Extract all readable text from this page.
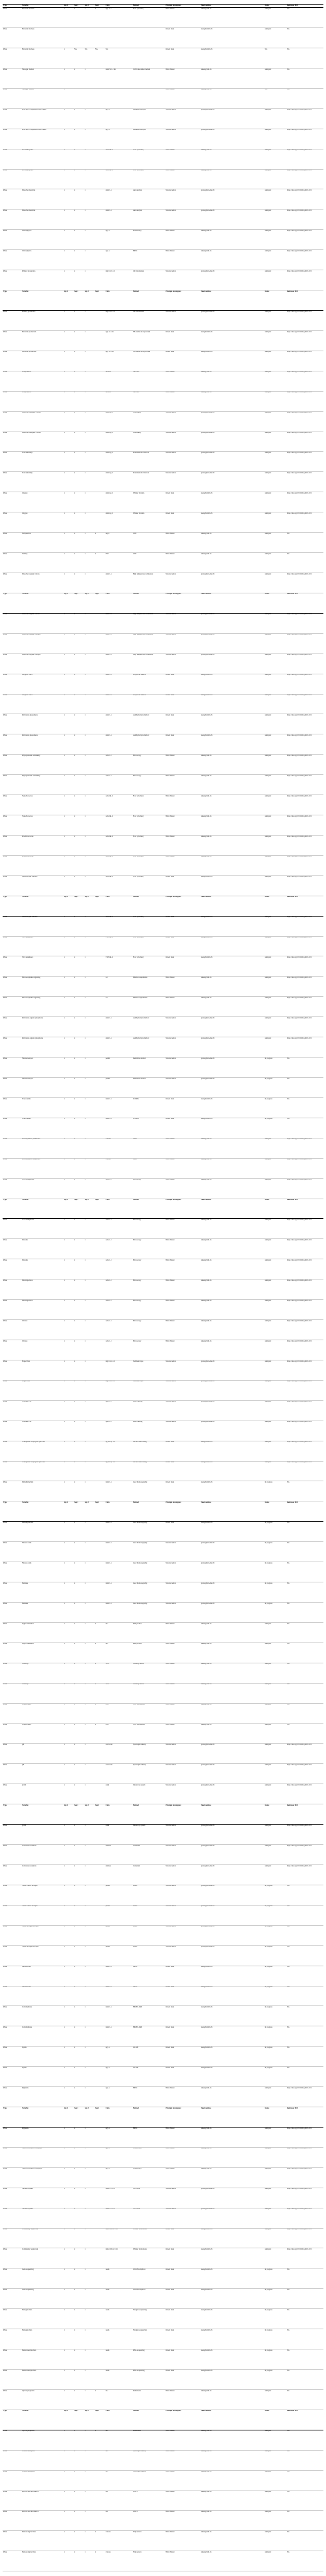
Type	Variable	Sep 1	Sep 2	Sep 3	Sep 4	Units	Method	Principal investigator	Email address	Status	Reference DOI
Phase	Bacterial biomass	x	x	x	x	ugC L-1	Flow cytometry	Britta Tanner	tanner@ethz.ch	Analyzed	NA
Phase	Bacterial biomass							Robert Kade	kade@fabilab.ch	Analyzed	NA
Phase	Bacterial biomass	x	NA	NA	NA	NA		Robert Kade	kade@fabilab.ch	NA	NA
Phase	Nitrogen fixation	x	x	x		nmol N L-1 d-1	15N2 dissolution method	Britta Tanner	tanner@ethz.ch	Analyzed	NA
Phase	Nitrogen fixation	x						Britta Tanner	tanner@ethz.ch	NA	NA
Phase	POC/PON composition and content	x	x	x		ug L-1	Elemental analysis	Nicolas Gruber	gruber@env.ethz.ch	Analyzed	https://doi.org/10.5194/bg-2021-101
Phase	POC/PON composition and content	x	x	x		ug L-1	Elemental analysis	Nicolas Gruber	gruber@env.ethz.ch	Analyzed	https://doi.org/10.5194/bg-2021-101
Phase	Pico-eukaryotes	x	x	x		cells mL-1	Flow cytometry	Britta Tanner	tanner@ethz.ch	Analyzed	https://doi.org/10.5194/bg-2021-101
Phase	Pico-eukaryotes	x	x	x		cells mL-1	Flow cytometry	Britta Tanner	tanner@ethz.ch	Analyzed	https://doi.org/10.5194/bg-2021-101
Phase	Dissolved nutrients	x	x	x		umol L-1	Autoanalyzer	Nicolas Gruber	gruber@env.ethz.ch	Analyzed	https://doi.org/10.5194/bg-2021-101
Phase	Dissolved nutrients	x	x	x		umol L-1	Autoanalyzer	Nicolas Gruber	gruber@env.ethz.ch	Analyzed	https://doi.org/10.5194/bg-2021-101
Phase	Chlorophyll a	x	x	x		ug L-1	Fluorometry	Britta Tanner	tanner@ethz.ch	Analyzed	https://doi.org/10.5194/bg-2021-101
Phase	Chlorophyll a	x	x	x		ug L-1	HPLC	Britta Tanner	tanner@ethz.ch	Analyzed	https://doi.org/10.5194/bg-2021-101
Phase	Primary production	x	x	x		mgC m-3 d-1	14C incubations	Nicolas Gruber	gruber@env.ethz.ch	Analyzed	https://doi.org/10.5194/bg-2021-101
Type	Variable	Sep 1	Sep 2	Sep 3	Sep 4	Units	Method	Principal investigator	Email address	Status	Reference DOI
Phase	Primary production	x	x	x		mgC m-3 d-1	14C incubations	Nicolas Gruber	gruber@env.ethz.ch	Analyzed	https://doi.org/10.5194/bg-2021-101
Phase	Bacterial production	x	x	x		ugC L-1 d-1	3H-leucine incorporation	Robert Kade	kade@fabilab.ch	Analyzed	https://doi.org/10.5194/bg-2021-101
Phase	Bacterial production	x	x	x		ugC L-1 d-1	3H-leucine incorporation	Robert Kade	kade@fabilab.ch	Analyzed	https://doi.org/10.5194/bg-2021-101
Phase	Zooplankton	x	x	x		ind m-3	Net tows	Britta Tanner	tanner@ethz.ch	Analyzed	https://doi.org/10.5194/bg-2021-101
Phase	Zooplankton	x	x	x		ind m-3	Net tows	Britta Tanner	tanner@ethz.ch	Analyzed	https://doi.org/10.5194/bg-2021-101
Phase	Dissolved inorganic carbon	x	x	x		umol kg-1	Coulometry	Nicolas Gruber	gruber@env.ethz.ch	Analyzed	https://doi.org/10.5194/bg-2021-101
Phase	Dissolved inorganic carbon	x	x	x		umol kg-1	Coulometry	Nicolas Gruber	gruber@env.ethz.ch	Analyzed	https://doi.org/10.5194/bg-2021-101
Phase	Total alkalinity	x	x	x		umol kg-1	Potentiometric titration	Nicolas Gruber	gruber@env.ethz.ch	Analyzed	https://doi.org/10.5194/bg-2021-101
Phase	Total alkalinity	x	x	x		umol kg-1	Potentiometric titration	Nicolas Gruber	gruber@env.ethz.ch	Analyzed	https://doi.org/10.5194/bg-2021-101
Phase	Oxygen	x	x	x		umol kg-1	Winkler titration	Robert Kade	kade@fabilab.ch	Analyzed	https://doi.org/10.5194/bg-2021-101
Phase	Oxygen	x	x	x		umol kg-1	Winkler titration	Robert Kade	kade@fabilab.ch	Analyzed	https://doi.org/10.5194/bg-2021-101
Phase	Temperature	x	x	x	x	deg C	CTD	Britta Tanner	tanner@ethz.ch	Analyzed	NA
Phase	Salinity	x	x	x	x	PSU	CTD	Britta Tanner	tanner@ethz.ch	Analyzed	NA
Phase	Dissolved organic carbon	x	x	x		umol L-1	High temperature combustion	Nicolas Gruber	gruber@env.ethz.ch	Analyzed	https://doi.org/10.5194/bg-2021-101
Type	Variable	Sep 1	Sep 2	Sep 3	Sep 4	Units	Method	Principal investigator	Email address	Status	Reference DOI
Phase	Dissolved organic carbon	x	x	x		umol L-1	High temperature combustion	Nicolas Gruber	gruber@env.ethz.ch	Analyzed	https://doi.org/10.5194/bg-2021-101
Phase	Dissolved organic nitrogen	x	x	x		umol L-1	High temperature combustion	Nicolas Gruber	gruber@env.ethz.ch	Analyzed	https://doi.org/10.5194/bg-2021-101
Phase	Dissolved organic nitrogen	x	x	x		umol L-1	High temperature combustion	Nicolas Gruber	gruber@env.ethz.ch	Analyzed	https://doi.org/10.5194/bg-2021-101
Phase	Biogenic silica	x	x	x		umol L-1	Molybdate method	Robert Kade	kade@fabilab.ch	Analyzed	https://doi.org/10.5194/bg-2021-101
Phase	Biogenic silica	x	x	x		umol L-1	Molybdate method	Robert Kade	kade@fabilab.ch	Analyzed	https://doi.org/10.5194/bg-2021-101
Phase	Particulate phosphorus	x	x	x		umol L-1	Ash-hydrolysis method	Robert Kade	kade@fabilab.ch	Analyzed	https://doi.org/10.5194/bg-2021-101
Phase	Particulate phosphorus	x	x	x		umol L-1	Ash-hydrolysis method	Robert Kade	kade@fabilab.ch	Analyzed	https://doi.org/10.5194/bg-2021-101
Phase	Phytoplankton community	x	x	x		cells L-1	Microscopy	Britta Tanner	tanner@ethz.ch	Analyzed	https://doi.org/10.5194/bg-2021-101
Phase	Phytoplankton community	x	x	x		cells L-1	Microscopy	Britta Tanner	tanner@ethz.ch	Analyzed	https://doi.org/10.5194/bg-2021-101
Phase	Synechococcus	x	x	x		cells mL-1	Flow cytometry	Britta Tanner	tanner@ethz.ch	Analyzed	https://doi.org/10.5194/bg-2021-101
Phase	Synechococcus	x	x	x		cells mL-1	Flow cytometry	Britta Tanner	tanner@ethz.ch	Analyzed	https://doi.org/10.5194/bg-2021-101
Phase	Prochlorococcus	x	x	x		cells mL-1	Flow cytometry	Britta Tanner	tanner@ethz.ch	Analyzed	https://doi.org/10.5194/bg-2021-101
Phase	Prochlorococcus	x	x	x		cells mL-1	Flow cytometry	Britta Tanner	tanner@ethz.ch	Analyzed	https://doi.org/10.5194/bg-2021-101
Phase	Heterotrophic bacteria	x	x	x		cells mL-1	Flow cytometry	Robert Kade	kade@fabilab.ch	Analyzed	https://doi.org/10.5194/bg-2021-101
Type	Variable	Sep 1	Sep 2	Sep 3	Sep 4	Units	Method	Principal investigator	Email address	Status	Reference DOI
Phase	Heterotrophic bacteria	x	x	x		cells mL-1	Flow cytometry	Robert Kade	kade@fabilab.ch	Analyzed	https://doi.org/10.5194/bg-2021-101
Phase	Viral abundance	x	x	x		VLP mL-1	Flow cytometry	Robert Kade	kade@fabilab.ch	Analyzed	https://doi.org/10.5194/bg-2021-101
Phase	Viral abundance	x	x	x		VLP mL-1	Flow cytometry	Robert Kade	kade@fabilab.ch	Analyzed	https://doi.org/10.5194/bg-2021-101
Phase	Microzooplankton grazing	x	x	x		d-1	Dilution experiments	Britta Tanner	tanner@ethz.ch	Analyzed	https://doi.org/10.5194/bg-2021-101
Phase	Microzooplankton grazing	x	x	x		d-1	Dilution experiments	Britta Tanner	tanner@ethz.ch	Analyzed	https://doi.org/10.5194/bg-2021-101
Phase	Particulate organic phosphorus	x	x	x		umol L-1	Ash-hydrolysis method	Nicolas Gruber	gruber@env.ethz.ch	Analyzed	https://doi.org/10.5194/bg-2021-101
Phase	Particulate organic phosphorus	x	x	x		umol L-1	Ash-hydrolysis method	Nicolas Gruber	gruber@env.ethz.ch	Analyzed	https://doi.org/10.5194/bg-2021-101
Phase	Nitrate isotopes	x	x	x		permil	Denitrifier method	Nicolas Gruber	gruber@env.ethz.ch	In progress	NA
Phase	Nitrate isotopes	x	x	x		permil	Denitrifier method	Nicolas Gruber	gruber@env.ethz.ch	In progress	NA
Phase	Trace metals	x	x	x		nmol L-1	ICP-MS	Robert Kade	kade@fabilab.ch	In progress	NA
Phase	Trace metals	x	x	x		nmol L-1	ICP-MS	Robert Kade	kade@fabilab.ch	In progress	NA
Phase	Photosynthetic parameters	x	x	x		various	FRRf	Britta Tanner	tanner@ethz.ch	Analyzed	https://doi.org/10.5194/bg-2021-101
Phase	Photosynthetic parameters	x	x	x		various	FRRf	Britta Tanner	tanner@ethz.ch	Analyzed	https://doi.org/10.5194/bg-2021-101
Phase	Coccolithophores	x	x	x		cells L-1	Microscopy	Britta Tanner	tanner@ethz.ch	Analyzed	https://doi.org/10.5194/bg-2021-101
Type	Variable	Sep 1	Sep 2	Sep 3	Sep 4	Units	Method	Principal investigator	Email address	Status	Reference DOI
Phase	Coccolithophores	x	x	x		cells L-1	Microscopy	Britta Tanner	tanner@ethz.ch	Analyzed	https://doi.org/10.5194/bg-2021-101
Phase	Diatoms	x	x	x		cells L-1	Microscopy	Britta Tanner	tanner@ethz.ch	Analyzed	https://doi.org/10.5194/bg-2021-101
Phase	Diatoms	x	x	x		cells L-1	Microscopy	Britta Tanner	tanner@ethz.ch	Analyzed	https://doi.org/10.5194/bg-2021-101
Phase	Dinoflagellates	x	x	x		cells L-1	Microscopy	Britta Tanner	tanner@ethz.ch	Analyzed	https://doi.org/10.5194/bg-2021-101
Phase	Dinoflagellates	x	x	x		cells L-1	Microscopy	Britta Tanner	tanner@ethz.ch	Analyzed	https://doi.org/10.5194/bg-2021-101
Phase	Ciliates	x	x	x		cells L-1	Microscopy	Britta Tanner	tanner@ethz.ch	Analyzed	https://doi.org/10.5194/bg-2021-101
Phase	Ciliates	x	x	x		cells L-1	Microscopy	Britta Tanner	tanner@ethz.ch	Analyzed	https://doi.org/10.5194/bg-2021-101
Phase	Export flux	x	x	x		mgC m-2 d-1	Sediment traps	Nicolas Gruber	gruber@env.ethz.ch	Analyzed	https://doi.org/10.5194/bg-2021-101
Phase	Export flux	x	x	x		mgC m-2 d-1	Sediment traps	Nicolas Gruber	gruber@env.ethz.ch	Analyzed	https://doi.org/10.5194/bg-2021-101
Phase	Thorium-234	x	x	x		dpm L-1	Beta counting	Nicolas Gruber	gruber@env.ethz.ch	Analyzed	https://doi.org/10.5194/bg-2021-101
Phase	Thorium-234	x	x	x		dpm L-1	Beta counting	Nicolas Gruber	gruber@env.ethz.ch	Analyzed	https://doi.org/10.5194/bg-2021-101
Phase	Transparent exopolymer particles	x	x	x		ug XG eq L-1	Alcian blue staining	Robert Kade	kade@fabilab.ch	Analyzed	https://doi.org/10.5194/bg-2021-101
Phase	Transparent exopolymer particles	x	x	x		ug XG eq L-1	Alcian blue staining	Robert Kade	kade@fabilab.ch	Analyzed	https://doi.org/10.5194/bg-2021-101
Phase	Dimethylsulfide	x	x	x		nmol L-1	Gas chromatography	Robert Kade	kade@fabilab.ch	In progress	NA
Type	Variable	Sep 1	Sep 2	Sep 3	Sep 4	Units	Method	Principal investigator	Email address	Status	Reference DOI
Phase	Dimethylsulfide	x	x	x		nmol L-1	Gas chromatography	Robert Kade	kade@fabilab.ch	In progress	NA
Phase	Nitrous oxide	x	x	x		nmol L-1	Gas chromatography	Nicolas Gruber	gruber@env.ethz.ch	In progress	NA
Phase	Nitrous oxide	x	x	x		nmol L-1	Gas chromatography	Nicolas Gruber	gruber@env.ethz.ch	In progress	NA
Phase	Methane	x	x	x		nmol L-1	Gas chromatography	Nicolas Gruber	gruber@env.ethz.ch	In progress	NA
Phase	Methane	x	x	x		nmol L-1	Gas chromatography	Nicolas Gruber	gruber@env.ethz.ch	In progress	NA
Phase	Light attenuation	x	x	x	x	m-1	PAR profiles	Britta Tanner	tanner@ethz.ch	Analyzed	NA
Phase	Light attenuation	x	x	x	x	m-1	PAR profiles	Britta Tanner	tanner@ethz.ch	Analyzed	NA
Phase	Turbidity	x	x	x	x	NTU	Turbidity sensor	Britta Tanner	tanner@ethz.ch	Analyzed	NA
Phase	Turbidity	x	x	x	x	NTU	Turbidity sensor	Britta Tanner	tanner@ethz.ch	Analyzed	NA
Phase	Fluorescence	x	x	x	x	RFU	CTD fluorometer	Britta Tanner	tanner@ethz.ch	Analyzed	NA
Phase	Fluorescence	x	x	x	x	RFU	CTD fluorometer	Britta Tanner	tanner@ethz.ch	Analyzed	NA
Phase	pH	x	x	x		total scale	Spectrophotometry	Nicolas Gruber	gruber@env.ethz.ch	Analyzed	https://doi.org/10.5194/bg-2021-101
Phase	pH	x	x	x		total scale	Spectrophotometry	Nicolas Gruber	gruber@env.ethz.ch	Analyzed	https://doi.org/10.5194/bg-2021-101
Phase	pCO2	x	x	x		uatm	Underway system	Nicolas Gruber	gruber@env.ethz.ch	Analyzed	https://doi.org/10.5194/bg-2021-101
Type	Variable	Sep 1	Sep 2	Sep 3	Sep 4	Units	Method	Principal investigator	Email address	Status	Reference DOI
Phase	pCO2	x	x	x		uatm	Underway system	Nicolas Gruber	gruber@env.ethz.ch	Analyzed	https://doi.org/10.5194/bg-2021-101
Phase	Carbonate saturation	x	x	x		unitless	Calculated	Nicolas Gruber	gruber@env.ethz.ch	Analyzed	https://doi.org/10.5194/bg-2021-101
Phase	Carbonate saturation	x	x	x		unitless	Calculated	Nicolas Gruber	gruber@env.ethz.ch	Analyzed	https://doi.org/10.5194/bg-2021-101
Phase	Stable carbon isotopes	x	x	x		permil	IRMS	Nicolas Gruber	gruber@env.ethz.ch	In progress	NA
Phase	Stable carbon isotopes	x	x	x		permil	IRMS	Nicolas Gruber	gruber@env.ethz.ch	In progress	NA
Phase	Stable nitrogen isotopes	x	x	x		permil	IRMS	Nicolas Gruber	gruber@env.ethz.ch	In progress	NA
Phase	Stable nitrogen isotopes	x	x	x		permil	IRMS	Nicolas Gruber	gruber@env.ethz.ch	In progress	NA
Phase	Amino acids	x	x	x		nmol L-1	HPLC	Robert Kade	kade@fabilab.ch	In progress	NA
Phase	Amino acids	x	x	x		nmol L-1	HPLC	Robert Kade	kade@fabilab.ch	In progress	NA
Phase	Carbohydrates	x	x	x		nmol L-1	HPAEC-PAD	Robert Kade	kade@fabilab.ch	In progress	NA
Phase	Carbohydrates	x	x	x		nmol L-1	HPAEC-PAD	Robert Kade	kade@fabilab.ch	In progress	NA
Phase	Lipids	x	x	x		ug L-1	GC-MS	Robert Kade	kade@fabilab.ch	In progress	NA
Phase	Lipids	x	x	x		ug L-1	GC-MS	Robert Kade	kade@fabilab.ch	In progress	NA
Phase	Pigments	x	x	x		ug L-1	HPLC	Britta Tanner	tanner@ethz.ch	Analyzed	https://doi.org/10.5194/bg-2021-101
Type	Variable	Sep 1	Sep 2	Sep 3	Sep 4	Units	Method	Principal investigator	Email address	Status	Reference DOI
Phase	Pigments	x	x	x		ug L-1	HPLC	Britta Tanner	tanner@ethz.ch	Analyzed	https://doi.org/10.5194/bg-2021-101
Phase	Size-fractionated chlorophyll	x	x	x		ug L-1	Fluorometry	Britta Tanner	tanner@ethz.ch	Analyzed	https://doi.org/10.5194/bg-2021-101
Phase	Size-fractionated chlorophyll	x	x	x		ug L-1	Fluorometry	Britta Tanner	tanner@ethz.ch	Analyzed	https://doi.org/10.5194/bg-2021-101
Phase	Nutrient uptake	x	x	x		nmol L-1 h-1	15N tracer	Nicolas Gruber	gruber@env.ethz.ch	Analyzed	https://doi.org/10.5194/bg-2021-101
Phase	Nutrient uptake	x	x	x		nmol L-1 h-1	15N tracer	Nicolas Gruber	gruber@env.ethz.ch	Analyzed	https://doi.org/10.5194/bg-2021-101
Phase	Community respiration	x	x	x		mmol O2 m-3 d-1	Winkler incubations	Robert Kade	kade@fabilab.ch	Analyzed	https://doi.org/10.5194/bg-2021-101
Phase	Community respiration	x	x	x		mmol O2 m-3 d-1	Winkler incubations	Robert Kade	kade@fabilab.ch	Analyzed	https://doi.org/10.5194/bg-2021-101
Phase	Gene sequencing	x	x	x		reads	16S/18S amplicon	Robert Kade	kade@fabilab.ch	In progress	NA
Phase	Gene sequencing	x	x	x		reads	16S/18S amplicon	Robert Kade	kade@fabilab.ch	In progress	NA
Phase	Metagenomics	x	x	x		reads	Shotgun sequencing	Robert Kade	kade@fabilab.ch	In progress	NA
Phase	Metagenomics	x	x	x		reads	Shotgun sequencing	Robert Kade	kade@fabilab.ch	In progress	NA
Phase	Metatranscriptomics	x	x	x		reads	RNA sequencing	Robert Kade	kade@fabilab.ch	In progress	NA
Phase	Metatranscriptomics	x	x	x		reads	RNA sequencing	Robert Kade	kade@fabilab.ch	In progress	NA
Phase	Optical properties	x	x	x	x	m-1	Radiometer	Britta Tanner	tanner@ethz.ch	Analyzed	NA
Type	Variable	Sep 1	Sep 2	Sep 3	Sep 4	Units	Method	Principal investigator	Email address	Status	Reference DOI
Phase	Optical properties	x	x	x	x	m-1	Radiometer	Britta Tanner	tanner@ethz.ch	Analyzed	NA
Phase	CDOM absorption	x	x	x		m-1	Spectrophotometry	Britta Tanner	tanner@ethz.ch	Analyzed	NA
Phase	CDOM absorption	x	x	x		m-1	Spectrophotometry	Britta Tanner	tanner@ethz.ch	Analyzed	NA
Phase	Particle size distribution	x	x	x		um	LISST	Britta Tanner	tanner@ethz.ch	Analyzed	NA
Phase	Particle size distribution	x	x	x		um	LISST	Britta Tanner	tanner@ethz.ch	Analyzed	NA
Phase	Meteorological data	x	x	x	x	various	Ship sensors	Britta Tanner	tanner@ethz.ch	Analyzed	NA
Phase	Meteorological data	x	x	x	x	various	Ship sensors	Britta Tanner	tanner@ethz.ch	Analyzed	NA
